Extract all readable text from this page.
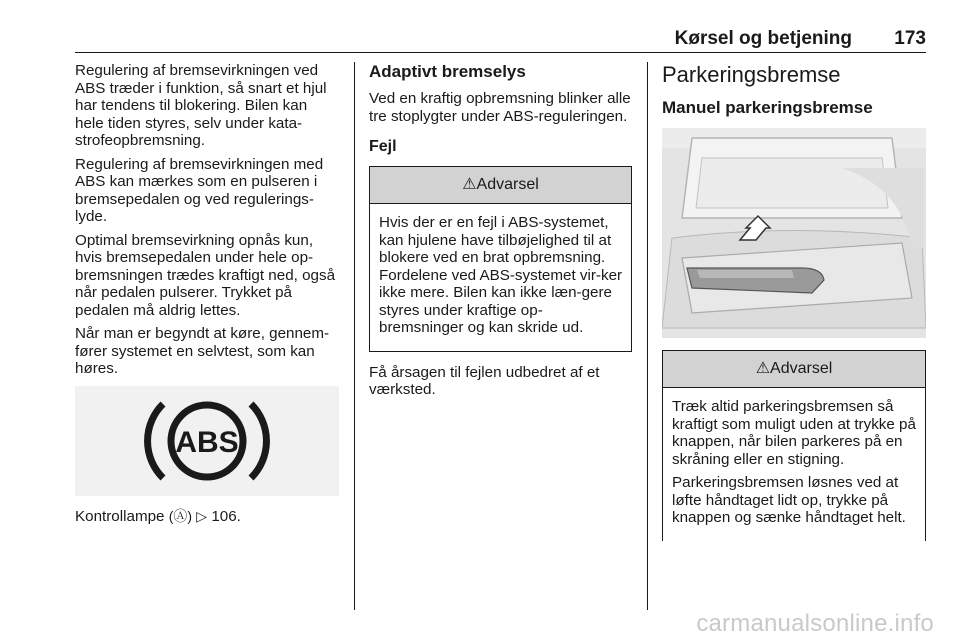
Kørsel og betjening 173

Regulering af bremsevirkningen ved ABS træder i funktion, så snart et hjul har tendens til blokering. Bilen kan hele tiden styres, selv under kata-strofeopbremsning.

Regulering af bremsevirkningen med ABS kan mærkes som en pulseren i bremsepedalen og ved regulerings-lyde.

Optimal bremsevirkning opnås kun, hvis bremsepedalen under hele op-bremsningen trædes kraftigt ned, også når pedalen pulserer. Trykket på pedalen må aldrig lettes.

Når man er begyndt at køre, gennem-fører systemet en selvtest, som kan høres.

ABS

Kontrollampe (Ⓐ) ▷ 106.

Adaptivt bremselys

Ved en kraftig opbremsning blinker alle tre stoplygter under ABS-reguleringen.

Fejl
⚠Advarsel

Hvis der er en fejl i ABS-systemet, kan hjulene have tilbøjelighed til at blokere ved en brat opbremsning. Fordelene ved ABS-systemet vir-ker ikke mere. Bilen kan ikke læn-gere styres under kraftige op-bremsninger og kan skride ud.

Få årsagen til fejlen udbedret af et værksted.

Parkeringsbremse
Manuel parkeringsbremse
⚠Advarsel

Træk altid parkeringsbremsen så kraftigt som muligt uden at trykke på knappen, når bilen parkeres på en skråning eller en stigning.

Parkeringsbremsen løsnes ved at løfte håndtaget lidt op, trykke på knappen og sænke håndtaget helt.

carmanualsonline.info
